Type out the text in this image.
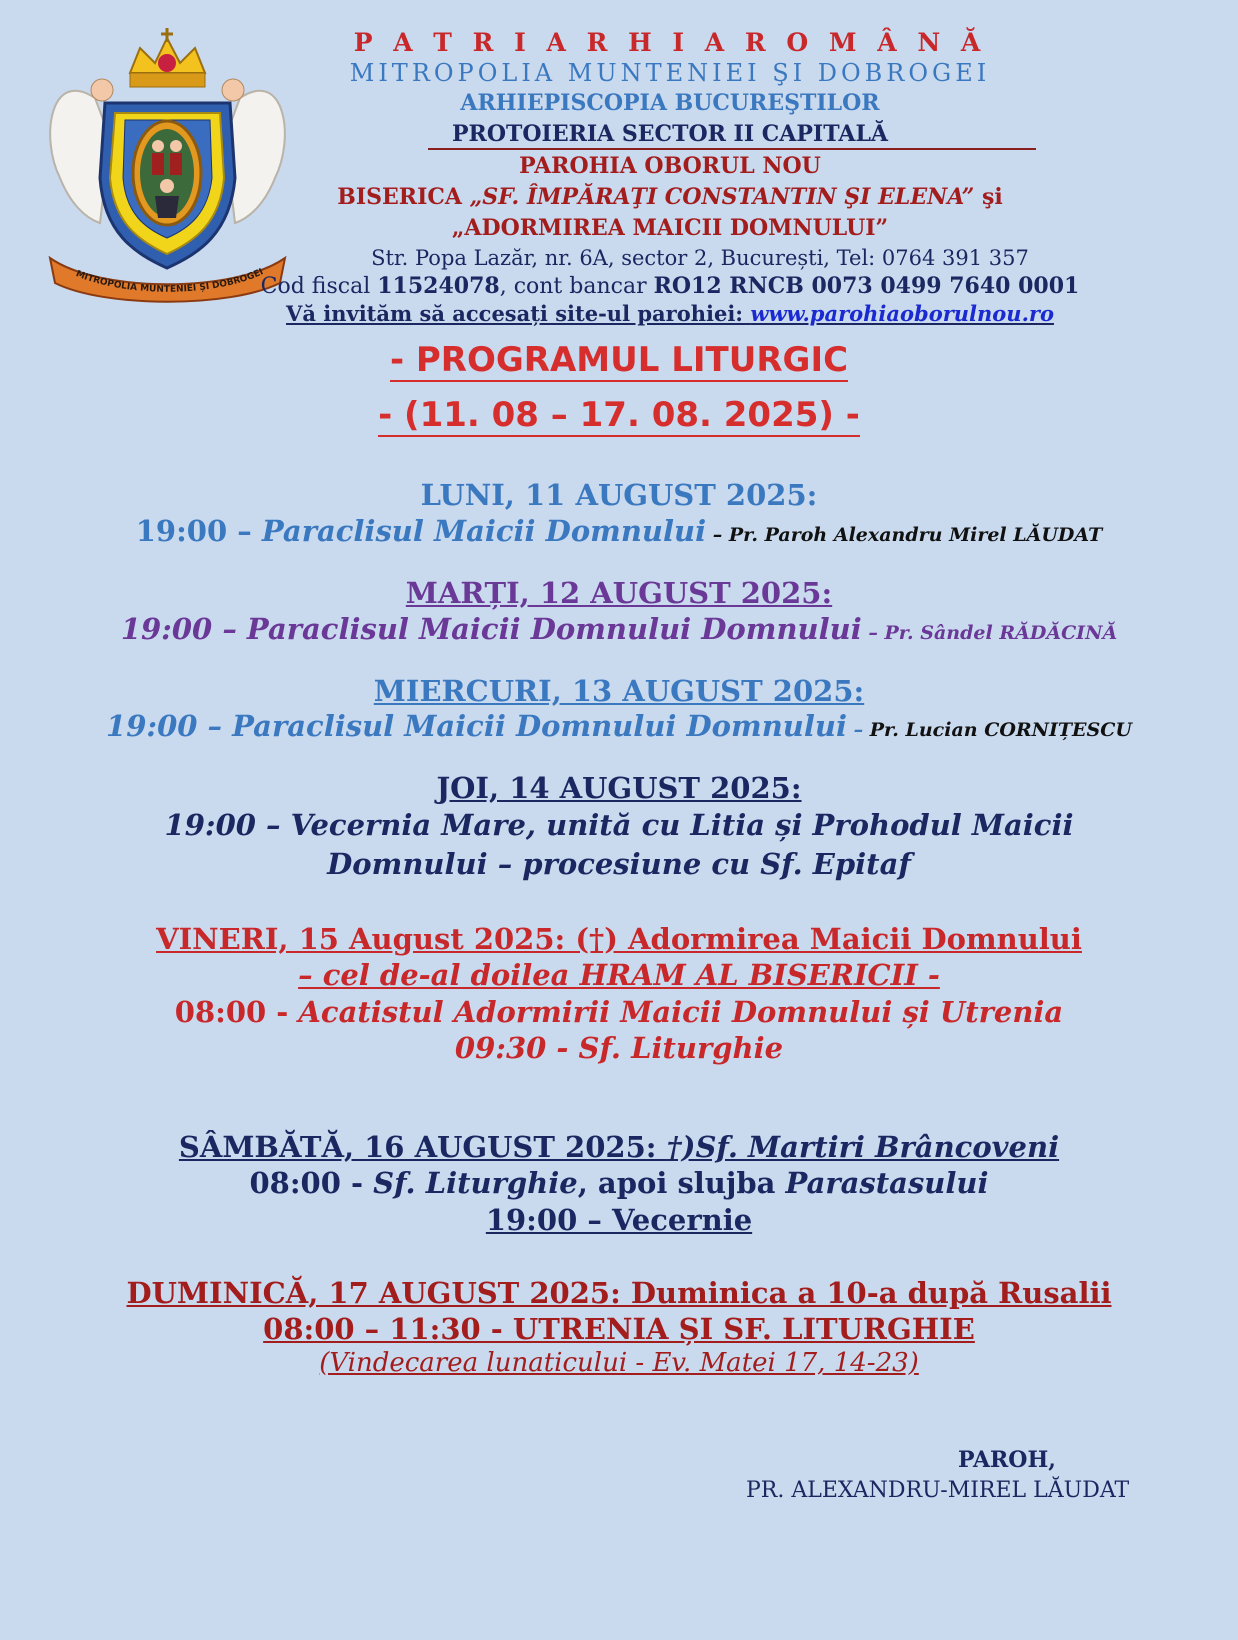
MITROPOLIA MUNTENIEI ȘI DOBROGEI
P A T R I A R H I A R O M Â N Ă
MITROPOLIA MUNTENIEI ŞI DOBROGEI
ARHIEPISCOPIA BUCUREŞTILOR
PROTOIERIA SECTOR II CAPITALĂ
PAROHIA OBORUL NOU
BISERICA „SF. ÎMPĂRAŢI CONSTANTIN ŞI ELENA” şi
„ADORMIREA MAICII DOMNULUI”
Str. Popa Lazăr, nr. 6A, sector 2, București, Tel: 0764 391 357
Cod fiscal 11524078, cont bancar RO12 RNCB 0073 0499 7640 0001
Vă invităm să accesați site-ul parohiei: www.parohiaoborulnou.ro
- PROGRAMUL LITURGIC
- (11. 08 – 17. 08. 2025) -
LUNI, 11 AUGUST 2025:
19:00 – Paraclisul Maicii Domnului – Pr. Paroh Alexandru Mirel LĂUDAT
MARȚI, 12 AUGUST 2025:
19:00 – Paraclisul Maicii Domnului Domnului – Pr. Sândel RĂDĂCINĂ
MIERCURI, 13 AUGUST 2025:
19:00 – Paraclisul Maicii Domnului Domnului – Pr. Lucian CORNIȚESCU
JOI, 14 AUGUST 2025:
19:00 – Vecernia Mare, unită cu Litia și Prohodul Maicii
Domnului – procesiune cu Sf. Epitaf
VINERI, 15 August 2025: (†) Adormirea Maicii Domnului
– cel de-al doilea HRAM AL BISERICII -
08:00 - Acatistul Adormirii Maicii Domnului și Utrenia
09:30 - Sf. Liturghie
SÂMBĂTĂ, 16 AUGUST 2025: †)Sf. Martiri Brâncoveni
08:00 - Sf. Liturghie, apoi slujba Parastasului
19:00 – Vecernie
DUMINICĂ, 17 AUGUST 2025: Duminica a 10-a după Rusalii
08:00 – 11:30 - UTRENIA ȘI SF. LITURGHIE
(Vindecarea lunaticului - Ev. Matei 17, 14-23)
PAROH,
PR. ALEXANDRU-MIREL LĂUDAT
